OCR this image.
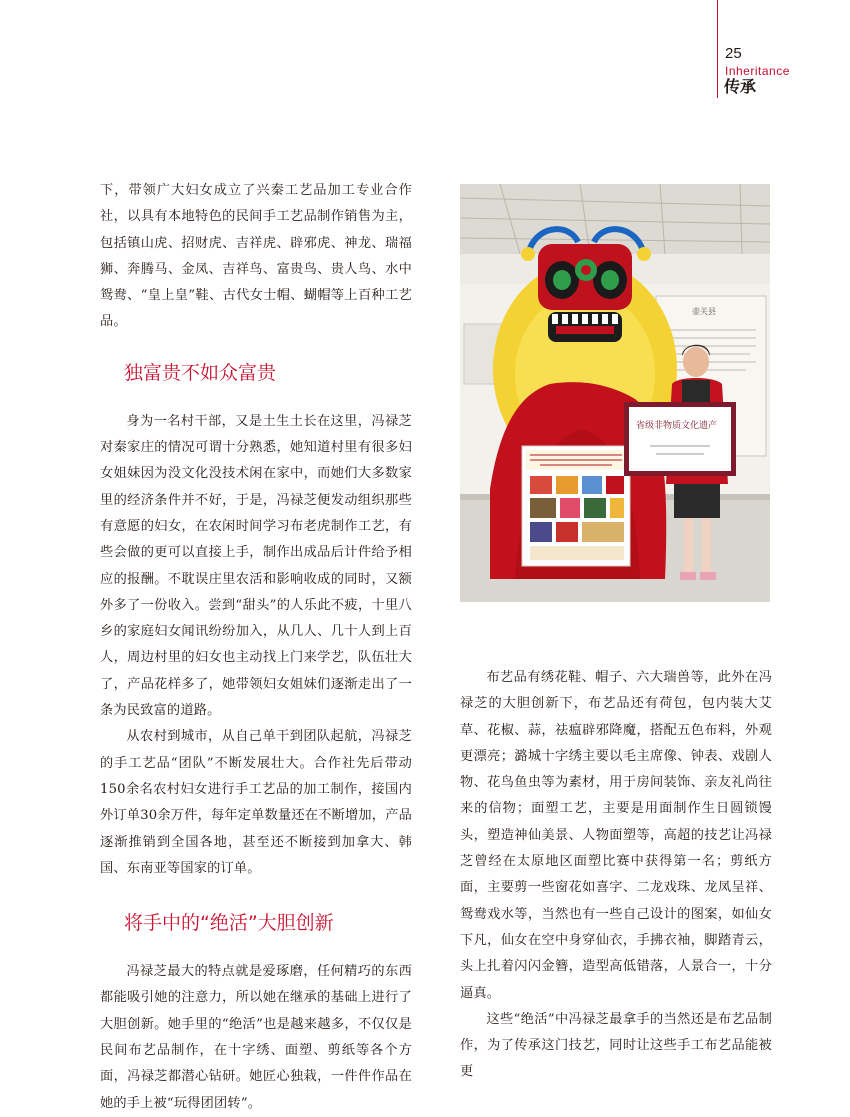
25
Inheritance
传承

下，带领广大妇女成立了兴秦工艺品加工专业合作社，以具有本地特色的民间手工艺品制作销售为主，包括镇山虎、招财虎、吉祥虎、辟邪虎、神龙、瑞福狮、奔腾马、金凤、吉祥鸟、富贵鸟、贵人鸟、水中鸳鸯、“皇上皇”鞋、古代女士帽、蝴帽等上百种工艺品。

独富贵不如众富贵

身为一名村干部，又是土生土长在这里，冯禄芝对秦家庄的情况可谓十分熟悉，她知道村里有很多妇女姐妹因为没文化没技术闲在家中，而她们大多数家里的经济条件并不好，于是，冯禄芝便发动组织那些有意愿的妇女，在农闲时间学习布老虎制作工艺，有些会做的更可以直接上手，制作出成品后计件给予相应的报酬。不耽误庄里农活和影响收成的同时，又额外多了一份收入。尝到“甜头”的人乐此不疲，十里八乡的家庭妇女闻讯纷纷加入，从几人、几十人到上百人，周边村里的妇女也主动找上门来学艺，队伍壮大了，产品花样多了，她带领妇女姐妹们逐渐走出了一条为民致富的道路。

从农村到城市，从自己单干到团队起航，冯禄芝的手工艺品“团队”不断发展壮大。合作社先后带动150余名农村妇女进行手工艺品的加工制作，接国内外订单30余万件，每年定单数量还在不断增加，产品逐渐推销到全国各地，甚至还不断接到加拿大、韩国、东南亚等国家的订单。

将手中的“绝活”大胆创新

冯禄芝最大的特点就是爱琢磨，任何精巧的东西都能吸引她的注意力，所以她在继承的基础上进行了大胆创新。她手里的“绝活”也是越来越多，不仅仅是民间布艺品制作，在十字绣、面塑、剪纸等各个方面，冯禄芝都潜心钻研。她匠心独栽，一件件作品在她的手上被“玩得团团转”。

壶关县
省级非物质文化遗产

布艺品有绣花鞋、帽子、六大瑞兽等，此外在冯禄芝的大胆创新下，布艺品还有荷包，包内装大艾草、花椒、蒜，祛瘟辟邪降魔，搭配五色布料，外观更漂亮；潞城十字绣主要以毛主席像、钟表、戏剧人物、花鸟鱼虫等为素材，用于房间装饰、亲友礼尚往来的信物；面塑工艺，主要是用面制作生日圆锁馒头，塑造神仙美景、人物面塑等，高超的技艺让冯禄芝曾经在太原地区面塑比赛中获得第一名；剪纸方面，主要剪一些窗花如喜字、二龙戏珠、龙凤呈祥、鸳鸯戏水等，当然也有一些自己设计的图案，如仙女下凡，仙女在空中身穿仙衣，手拂衣袖，脚踏青云，头上扎着闪闪金簪，造型高低错落，人景合一，十分逼真。

这些“绝活”中冯禄芝最拿手的当然还是布艺品制作，为了传承这门技艺，同时让这些手工布艺品能被更
